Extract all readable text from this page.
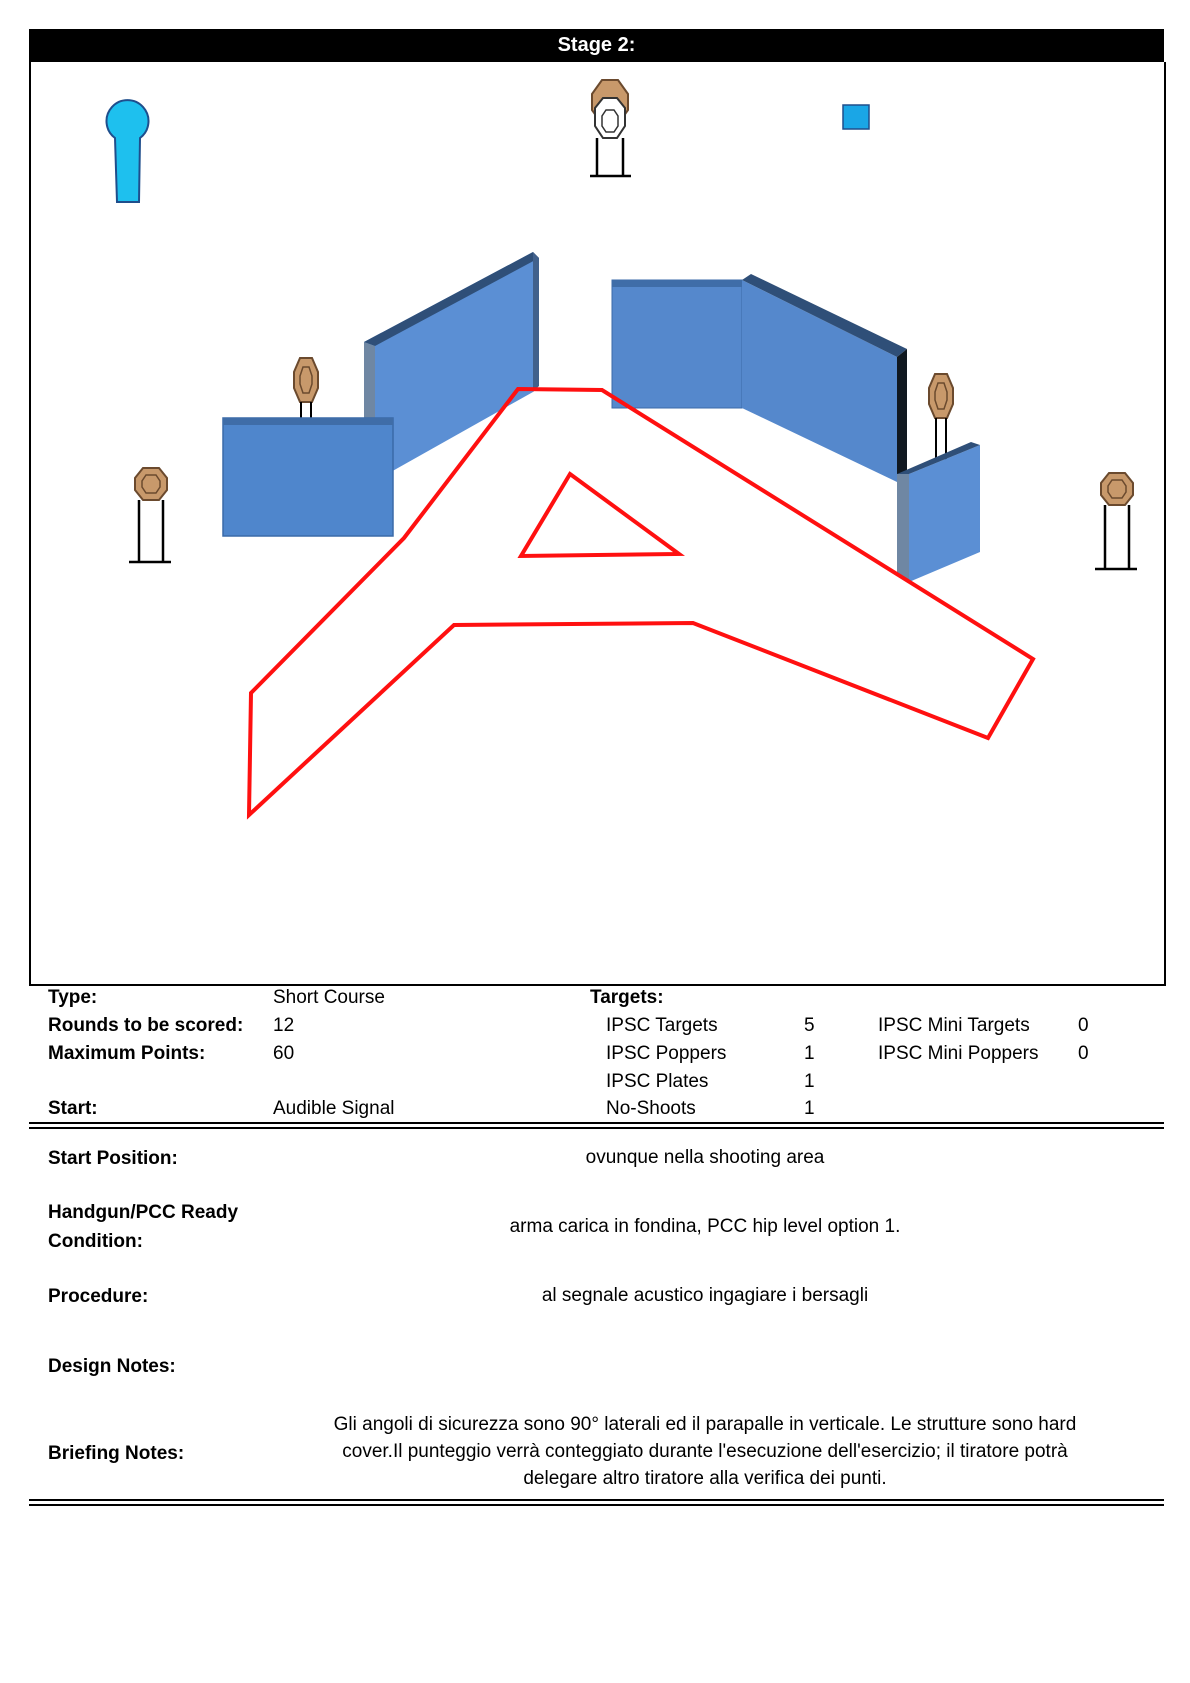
Stage 2:
Type:	Short Course	Targets:
Rounds to be scored: 12	IPSC Targets	5	IPSC Mini Targets	0
Maximum Points:	60	IPSC Poppers	1	IPSC Mini Poppers 0
IPSC Plates	1
Start:	Audible Signal	No-Shoots	1
Start Position:	ovunque nella shooting area
Handgun/PCC Ready
Condition:
arma carica in fondina, PCC hip level option 1.
Procedure:	al segnale acustico ingagiare i bersagli
Design Notes:
Briefing Notes:
Gli angoli di sicurezza sono 90° laterali ed il parapalle in verticale. Le strutture sono hard
cover.Il punteggio verrà conteggiato durante l'esecuzione dell'esercizio; il tiratore potrà
delegare altro tiratore alla verifica dei punti.
